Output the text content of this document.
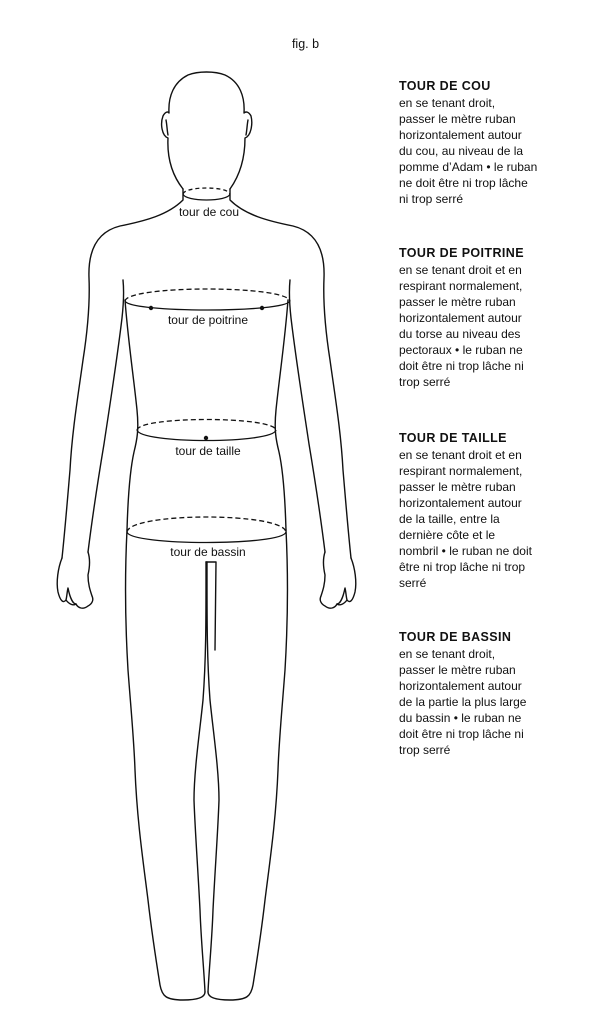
fig. b
tour de cou
tour de poitrine
tour de taille
tour de bassin
TOUR DE COU

en se tenant droit,
passer le mètre ruban
horizontalement autour
du cou, au niveau de la
pomme d’Adam • le ruban
ne doit être ni trop lâche
ni trop serré

TOUR DE POITRINE

en se tenant droit et en
respirant normalement,
passer le mètre ruban
horizontalement autour
du torse au niveau des
pectoraux • le ruban ne
doit être ni trop lâche ni
trop serré

TOUR DE TAILLE

en se tenant droit et en
respirant normalement,
passer le mètre ruban
horizontalement autour
de la taille, entre la
dernière côte et le
nombril • le ruban ne doit
être ni trop lâche ni trop
serré

TOUR DE BASSIN

en se tenant droit,
passer le mètre ruban
horizontalement autour
de la partie la plus large
du bassin • le ruban ne
doit être ni trop lâche ni
trop serré
